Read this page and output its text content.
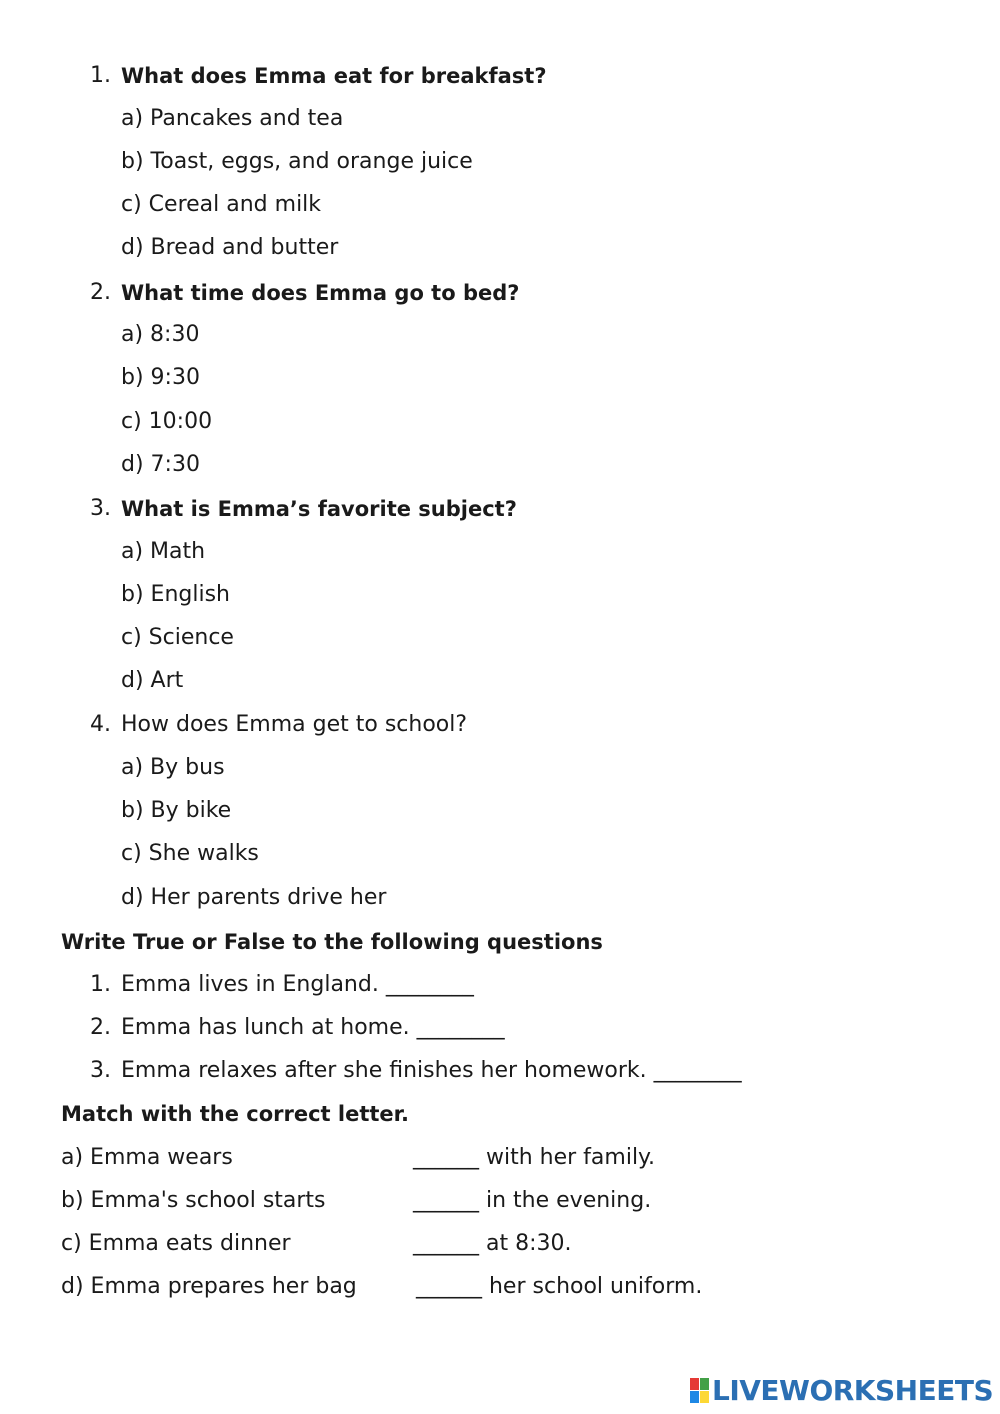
1. What does Emma eat for breakfast?
a) Pancakes and tea
b) Toast, eggs, and orange juice
c) Cereal and milk
d) Bread and butter
2. What time does Emma go to bed?
a) 8:30
b) 9:30
c) 10:00
d) 7:30
3. What is Emma’s favorite subject?
a) Math
b) English
c) Science
d) Art
4. How does Emma get to school?
a) By bus
b) By bike
c) She walks
d) Her parents drive her
Write True or False to the following questions
1. Emma lives in England. ________
2. Emma has lunch at home. ________
3. Emma relaxes after she finishes her homework. ________
Match with the correct letter.
a) Emma wears	______ with her family.
b) Emma's school starts	______ in the evening.
c) Emma eats dinner	______ at 8:30.
d) Emma prepares her bag	______ her school uniform.
LIVEWORKSHEETS
